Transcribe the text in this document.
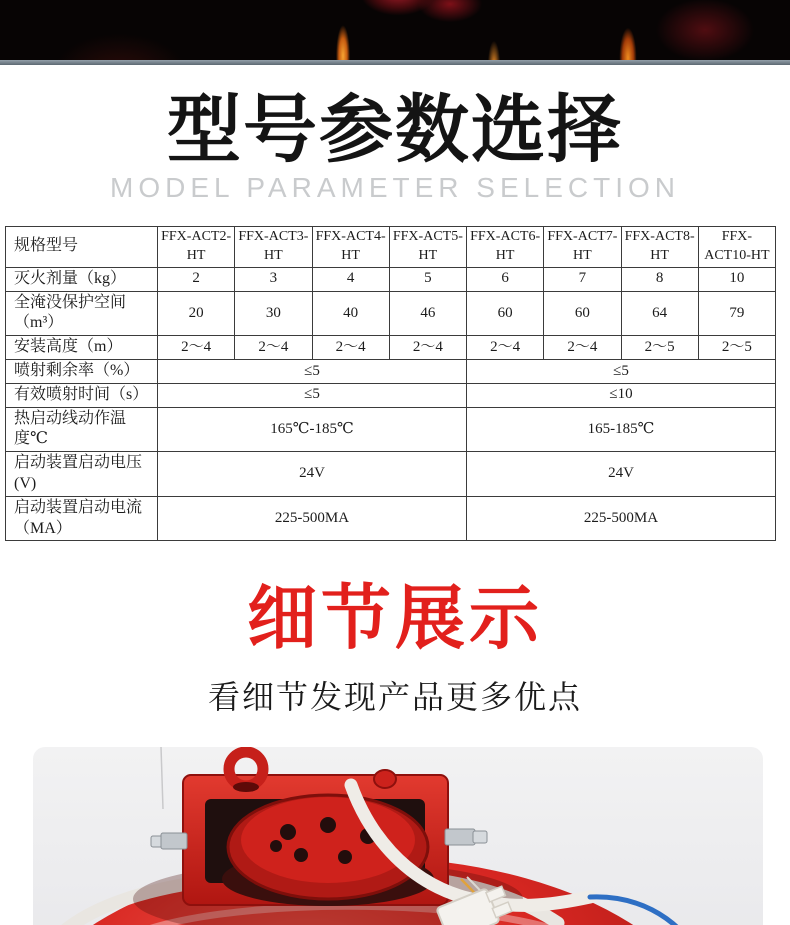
型号参数选择
MODEL PARAMETER SELECTION
规格型号	FFX-ACT2-HT	FFX-ACT3-HT	FFX-ACT4-HT	FFX-ACT5-HT	FFX-ACT6-HT	FFX-ACT7-HT	FFX-ACT8-HT	FFX-ACT10-HT
灭火剂量（kg）	2	3	4	5	6	7	8	10
全淹没保护空间（m³）	20	30	40	46	60	60	64	79
安装高度（m）	2～4	2～4	2～4	2～4	2～4	2～4	2～5	2～5
喷射剩余率（%）	≤5				≤5			
有效喷射时间（s）	≤5				≤10			
热启动线动作温度℃	165℃-185℃				165-185℃			
启动装置启动电压(V)	24V				24V			
启动装置启动电流（MA）	225-500MA				225-500MA			
细节展示
看细节发现产品更多优点
